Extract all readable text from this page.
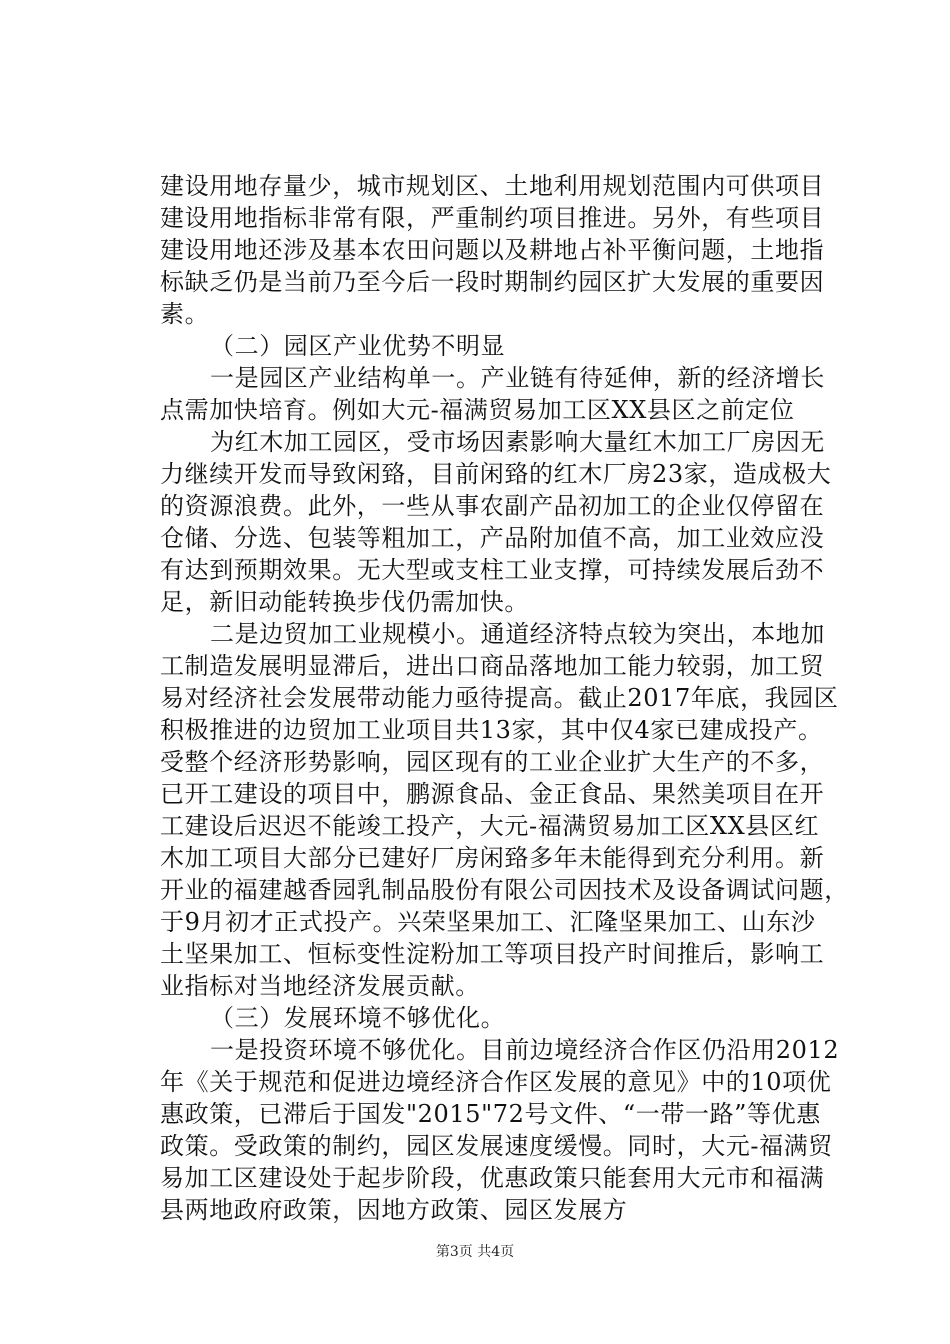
建设用地存量少，城市规划区、土地利用规划范围内可供项目
建设用地指标非常有限，严重制约项目推进。另外，有些项目
建设用地还涉及基本农田问题以及耕地占补平衡问题，土地指
标缺乏仍是当前乃至今后一段时期制约园区扩大发展的重要因
素。
（二）园区产业优势不明显
一是园区产业结构单一。产业链有待延伸，新的经济增长
点需加快培育。例如大元-福满贸易加工区XX县区之前定位
为红木加工园区，受市场因素影响大量红木加工厂房因无
力继续开发而导致闲臵，目前闲臵的红木厂房23家，造成极大
的资源浪费。此外，一些从事农副产品初加工的企业仅停留在
仓储、分选、包装等粗加工，产品附加值不高，加工业效应没
有达到预期效果。无大型或支柱工业支撑，可持续发展后劲不
足，新旧动能转换步伐仍需加快。
二是边贸加工业规模小。通道经济特点较为突出，本地加
工制造发展明显滞后，进出口商品落地加工能力较弱，加工贸
易对经济社会发展带动能力亟待提高。截止2017年底，我园区
积极推进的边贸加工业项目共13家，其中仅4家已建成投产。
受整个经济形势影响，园区现有的工业企业扩大生产的不多，
已开工建设的项目中，鹏源食品、金正食品、果然美项目在开
工建设后迟迟不能竣工投产，大元-福满贸易加工区XX县区红
木加工项目大部分已建好厂房闲臵多年未能得到充分利用。新
开业的福建越香园乳制品股份有限公司因技术及设备调试问题，
于9月初才正式投产。兴荣坚果加工、汇隆坚果加工、山东沙
土坚果加工、恒标变性淀粉加工等项目投产时间推后，影响工
业指标对当地经济发展贡献。
（三）发展环境不够优化。
一是投资环境不够优化。目前边境经济合作区仍沿用2012
年《关于规范和促进边境经济合作区发展的意见》中的10项优
惠政策，已滞后于国发"2015"72号文件、“一带一路”等优惠
政策。受政策的制约，园区发展速度缓慢。同时，大元-福满贸
易加工区建设处于起步阶段，优惠政策只能套用大元市和福满
县两地政府政策，因地方政策、园区发展方
第3页 共4页
